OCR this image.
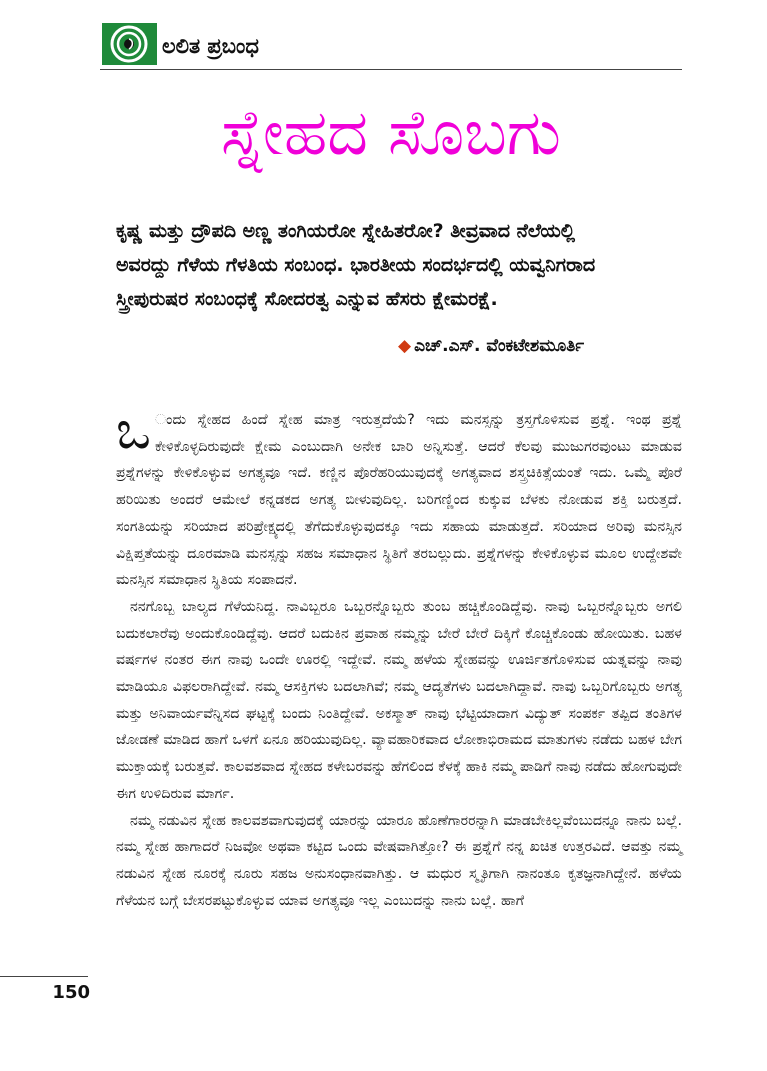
ಲಲಿತ ಪ್ರಬಂಧ
ಸ್ನೇಹದ ಸೊಬಗು

ಕೃಷ್ಣ ಮತ್ತು ದ್ರೌಪದಿ ಅಣ್ಣ ತಂಗಿಯರೋ ಸ್ನೇಹಿತರೋ? ತೀವ್ರವಾದ ನೆಲೆಯಲ್ಲಿ

ಅವರದ್ದು ಗೆಳೆಯ ಗೆಳತಿಯ ಸಂಬಂಧ. ಭಾರತೀಯ ಸಂದರ್ಭದಲ್ಲಿ ಯವ್ವನಿಗರಾದ

ಸ್ತ್ರೀಪುರುಷರ ಸಂಬಂಧಕ್ಕೆ ಸೋದರತ್ವ ಎನ್ನುವ ಹೆಸರು ಕ್ಷೇಮರಕ್ಷೆ.

◆ ಎಚ್.ಎಸ್. ವೆಂಕಟೇಶಮೂರ್ತಿ

ಒ ಂದು ಸ್ನೇಹದ ಹಿಂದೆ ಸ್ನೇಹ ಮಾತ್ರ ಇರುತ್ತದೆಯೆ? ಇದು ಮನಸ್ಸನ್ನು ತ್ರಸ್ತಗೊಳಿಸುವ ಪ್ರಶ್ನೆ. ಇಂಥ ಪ್ರಶ್ನೆ ಕೇಳಿಕೊಳ್ಳದಿರುವುದೇ ಕ್ಷೇಮ ಎಂಬುದಾಗಿ ಅನೇಕ ಬಾರಿ ಅನ್ನಿಸುತ್ತೆ. ಆದರೆ ಕೆಲವು ಮುಜುಗರವುಂಟು ಮಾಡುವ ಪ್ರಶ್ನೆಗಳನ್ನು ಕೇಳಿಕೊಳ್ಳುವ ಅಗತ್ಯವೂ ಇದೆ. ಕಣ್ಣಿನ ಪೊರೆಹರಿಯುವುದಕ್ಕೆ ಅಗತ್ಯವಾದ ಶಸ್ತ್ರಚಿಕಿತ್ಸೆಯಂತೆ ಇದು. ಒಮ್ಮೆ ಪೊರೆ ಹರಿಯಿತು ಅಂದರೆ ಆಮೇಲೆ ಕನ್ನಡಕದ ಅಗತ್ಯ ಬೀಳುವುದಿಲ್ಲ. ಬರಿಗಣ್ಣಿಂದ ಕುಕ್ಕುವ ಬೆಳಕು ನೋಡುವ ಶಕ್ತಿ ಬರುತ್ತದೆ. ಸಂಗತಿಯನ್ನು ಸರಿಯಾದ ಪರಿಪ್ರೇಕ್ಷ್ಯದಲ್ಲಿ ತೆಗೆದುಕೊಳ್ಳುವುದಕ್ಕೂ ಇದು ಸಹಾಯ ಮಾಡುತ್ತದೆ. ಸರಿಯಾದ ಅರಿವು ಮನಸ್ಸಿನ ವಿಕ್ಷಿಪ್ತತೆಯನ್ನು ದೂರಮಾಡಿ ಮನಸ್ಸನ್ನು ಸಹಜ ಸಮಾಧಾನ ಸ್ಥಿತಿಗೆ ತರಬಲ್ಲುದು. ಪ್ರಶ್ನೆಗಳನ್ನು ಕೇಳಿಕೊಳ್ಳುವ ಮೂಲ ಉದ್ದೇಶವೇ ಮನಸ್ಸಿನ ಸಮಾಧಾನ ಸ್ಥಿತಿಯ ಸಂಪಾದನೆ.

ನನಗೊಬ್ಬ ಬಾಲ್ಯದ ಗೆಳೆಯನಿದ್ದ. ನಾವಿಬ್ಬರೂ ಒಬ್ಬರನ್ನೊಬ್ಬರು ತುಂಬ ಹಚ್ಚಿಕೊಂಡಿದ್ದೆವು. ನಾವು ಒಬ್ಬರನ್ನೊಬ್ಬರು ಅಗಲಿ ಬದುಕಲಾರೆವು ಅಂದುಕೊಂಡಿದ್ದೆವು. ಆದರೆ ಬದುಕಿನ ಪ್ರವಾಹ ನಮ್ಮನ್ನು ಬೇರೆ ಬೇರೆ ದಿಕ್ಕಿಗೆ ಕೊಚ್ಚಿಕೊಂಡು ಹೋಯಿತು. ಬಹಳ ವರ್ಷಗಳ ನಂತರ ಈಗ ನಾವು ಒಂದೇ ಊರಲ್ಲಿ ಇದ್ದೇವೆ. ನಮ್ಮ ಹಳೆಯ ಸ್ನೇಹವನ್ನು ಊರ್ಜಿತಗೊಳಿಸುವ ಯತ್ನವನ್ನು ನಾವು ಮಾಡಿಯೂ ವಿಫಲರಾಗಿದ್ದೇವೆ. ನಮ್ಮ ಆಸಕ್ತಿಗಳು ಬದಲಾಗಿವೆ; ನಮ್ಮ ಆದ್ಯತೆಗಳು ಬದಲಾಗಿದ್ದಾವೆ. ನಾವು ಒಬ್ಬರಿಗೊಬ್ಬರು ಅಗತ್ಯ ಮತ್ತು ಅನಿವಾರ್ಯವೆನ್ನಿಸದ ಘಟ್ಟಕ್ಕೆ ಬಂದು ನಿಂತಿದ್ದೇವೆ. ಅಕಸ್ಮಾತ್ ನಾವು ಭೆಟ್ಟಿಯಾದಾಗ ವಿದ್ಯುತ್ ಸಂಪರ್ಕ ತಪ್ಪಿದ ತಂತಿಗಳ ಜೋಡಣೆ ಮಾಡಿದ ಹಾಗೆ ಒಳಗೆ ಏನೂ ಹರಿಯುವುದಿಲ್ಲ. ವ್ಯಾವಹಾರಿಕವಾದ ಲೋಕಾಭಿರಾಮದ ಮಾತುಗಳು ನಡೆದು ಬಹಳ ಬೇಗ ಮುಕ್ತಾಯಕ್ಕೆ ಬರುತ್ತವೆ. ಕಾಲವಶವಾದ ಸ್ನೇಹದ ಕಳೇಬರವನ್ನು ಹೆಗಲಿಂದ ಕೆಳಕ್ಕೆ ಹಾಕಿ ನಮ್ಮ ಪಾಡಿಗೆ ನಾವು ನಡೆದು ಹೋಗುವುದೇ ಈಗ ಉಳಿದಿರುವ ಮಾರ್ಗ.

ನಮ್ಮ ನಡುವಿನ ಸ್ನೇಹ ಕಾಲವಶವಾಗುವುದಕ್ಕೆ ಯಾರನ್ನು ಯಾರೂ ಹೊಣೆಗಾರರನ್ನಾಗಿ ಮಾಡಬೇಕಿಲ್ಲವೆಂಬುದನ್ನೂ ನಾನು ಬಲ್ಲೆ. ನಮ್ಮ ಸ್ನೇಹ ಹಾಗಾದರೆ ನಿಜವೋ ಅಥವಾ ಕಟ್ಟಿದ ಒಂದು ವೇಷವಾಗಿತ್ತೋ? ಈ ಪ್ರಶ್ನೆಗೆ ನನ್ನ ಖಚಿತ ಉತ್ತರವಿದೆ. ಆವತ್ತು ನಮ್ಮ ನಡುವಿನ ಸ್ನೇಹ ನೂರಕ್ಕೆ ನೂರು ಸಹಜ ಅನುಸಂಧಾನವಾಗಿತ್ತು. ಆ ಮಧುರ ಸ್ಮೃತಿಗಾಗಿ ನಾನಂತೂ ಕೃತಜ್ಞನಾಗಿದ್ದೇನೆ. ಹಳೆಯ ಗೆಳೆಯನ ಬಗ್ಗೆ ಬೇಸರಪಟ್ಟುಕೊಳ್ಳುವ ಯಾವ ಅಗತ್ಯವೂ ಇಲ್ಲ ಎಂಬುದನ್ನು ನಾನು ಬಲ್ಲೆ. ಹಾಗೆ

150
